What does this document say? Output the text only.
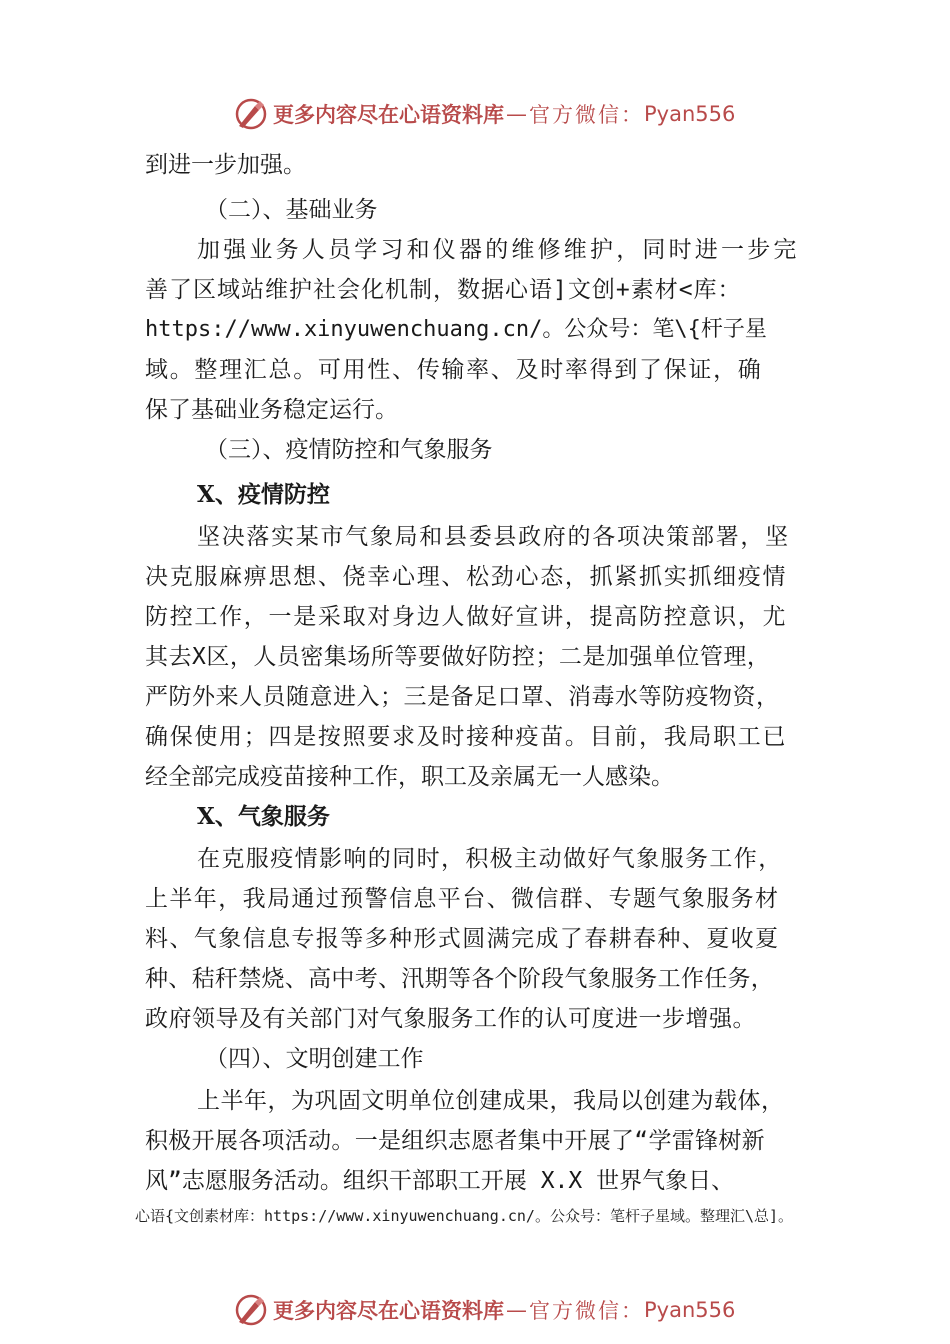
更多内容尽在心语资料库 — 官方微信： Pyan556
到进一步加强。
（二）、基础业务
加强业务人员学习和仪器的维修维护，同时进一步完
善了区域站维护社会化机制，数据心语]文创+素材<库：
https://www.xinyuwenchuang.cn/。公众号：笔\{杆子星
域。整理汇总。可用性、传输率、及时率得到了保证，确
保了基础业务稳定运行。
（三）、疫情防控和气象服务
X、疫情防控
坚决落实某市气象局和县委县政府的各项决策部署，坚
决克服麻痹思想、侥幸心理、松劲心态，抓紧抓实抓细疫情
防控工作，一是采取对身边人做好宣讲，提高防控意识，尤
其去X区，人员密集场所等要做好防控；二是加强单位管理，
严防外来人员随意进入；三是备足口罩、消毒水等防疫物资，
确保使用；四是按照要求及时接种疫苗。目前，我局职工已
经全部完成疫苗接种工作，职工及亲属无一人感染。
X、气象服务
在克服疫情影响的同时，积极主动做好气象服务工作，
上半年，我局通过预警信息平台、微信群、专题气象服务材
料、气象信息专报等多种形式圆满完成了春耕春种、夏收夏
种、秸秆禁烧、高中考、汛期等各个阶段气象服务工作任务，
政府领导及有关部门对气象服务工作的认可度进一步增强。
（四）、文明创建工作
上半年，为巩固文明单位创建成果，我局以创建为载体，
积极开展各项活动。一是组织志愿者集中开展了“学雷锋树新
风”志愿服务活动。组织干部职工开展 X.X 世界气象日、
心语{文创素材库：https://www.xinyuwenchuang.cn/。公众号：笔杆子星域。整理汇\总]。
更多内容尽在心语资料库 — 官方微信： Pyan556
